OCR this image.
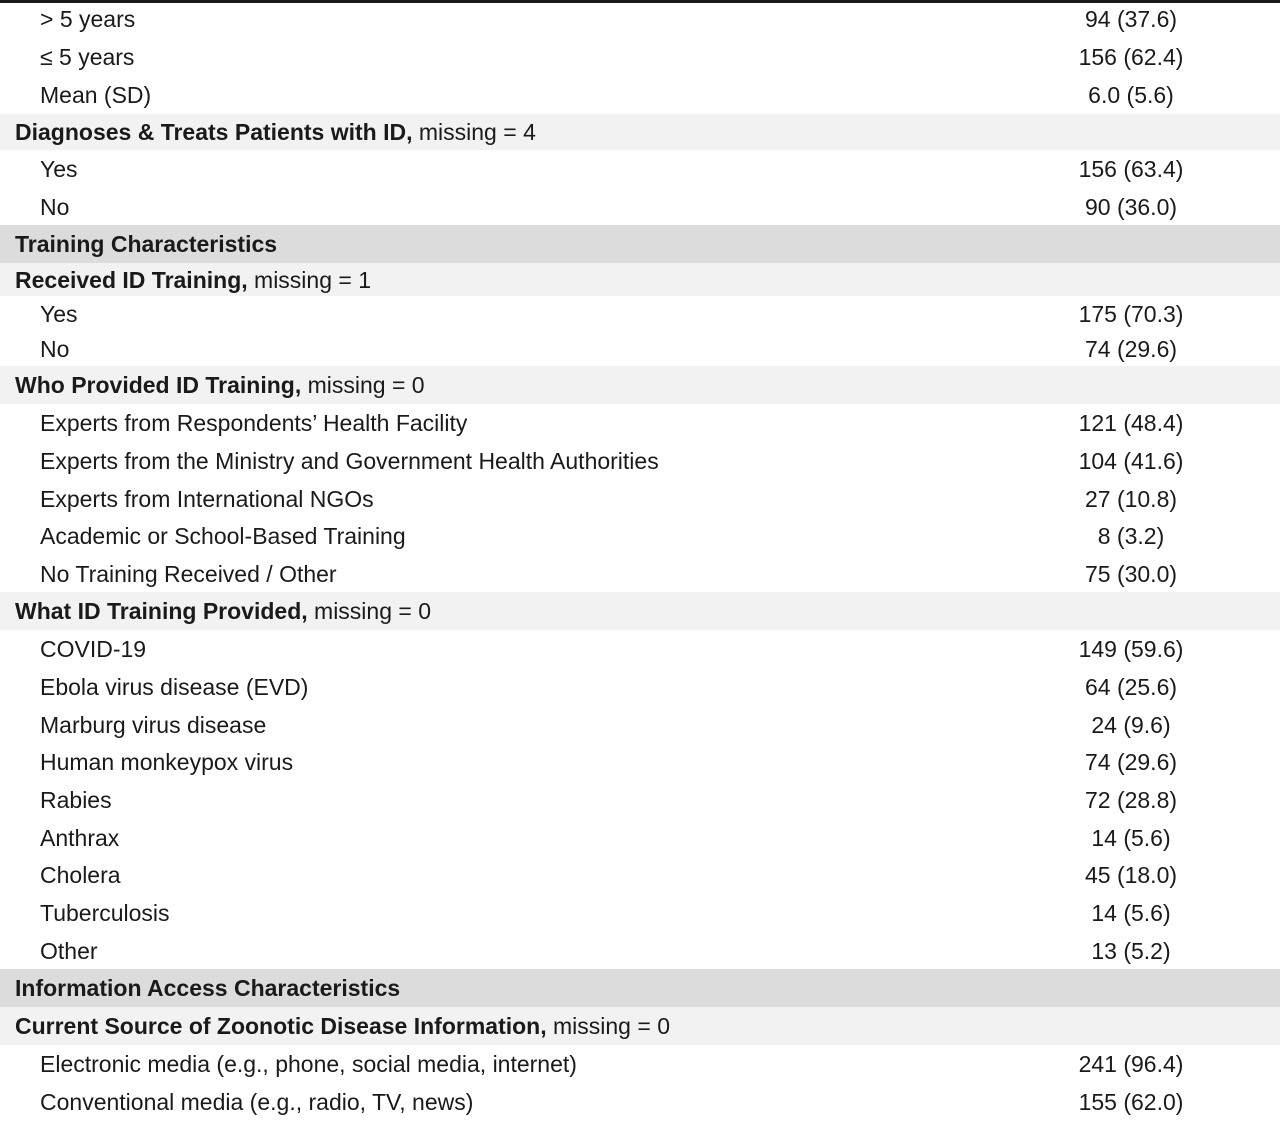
> 5 years	94 (37.6)
≤ 5 years	156 (62.4)
Mean (SD)	6.0 (5.6)
Diagnoses & Treats Patients with ID, missing = 4
Yes	156 (63.4)
No	90 (36.0)
Training Characteristics
Received ID Training, missing = 1
Yes	175 (70.3)
No	74 (29.6)
Who Provided ID Training, missing = 0
Experts from Respondents’ Health Facility	121 (48.4)
Experts from the Ministry and Government Health Authorities	104 (41.6)
Experts from International NGOs	27 (10.8)
Academic or School-Based Training	8 (3.2)
No Training Received / Other	75 (30.0)
What ID Training Provided, missing = 0
COVID-19	149 (59.6)
Ebola virus disease (EVD)	64 (25.6)
Marburg virus disease	24 (9.6)
Human monkeypox virus	74 (29.6)
Rabies	72 (28.8)
Anthrax	14 (5.6)
Cholera	45 (18.0)
Tuberculosis	14 (5.6)
Other	13 (5.2)
Information Access Characteristics
Current Source of Zoonotic Disease Information, missing = 0
Electronic media (e.g., phone, social media, internet)	241 (96.4)
Conventional media (e.g., radio, TV, news)	155 (62.0)
